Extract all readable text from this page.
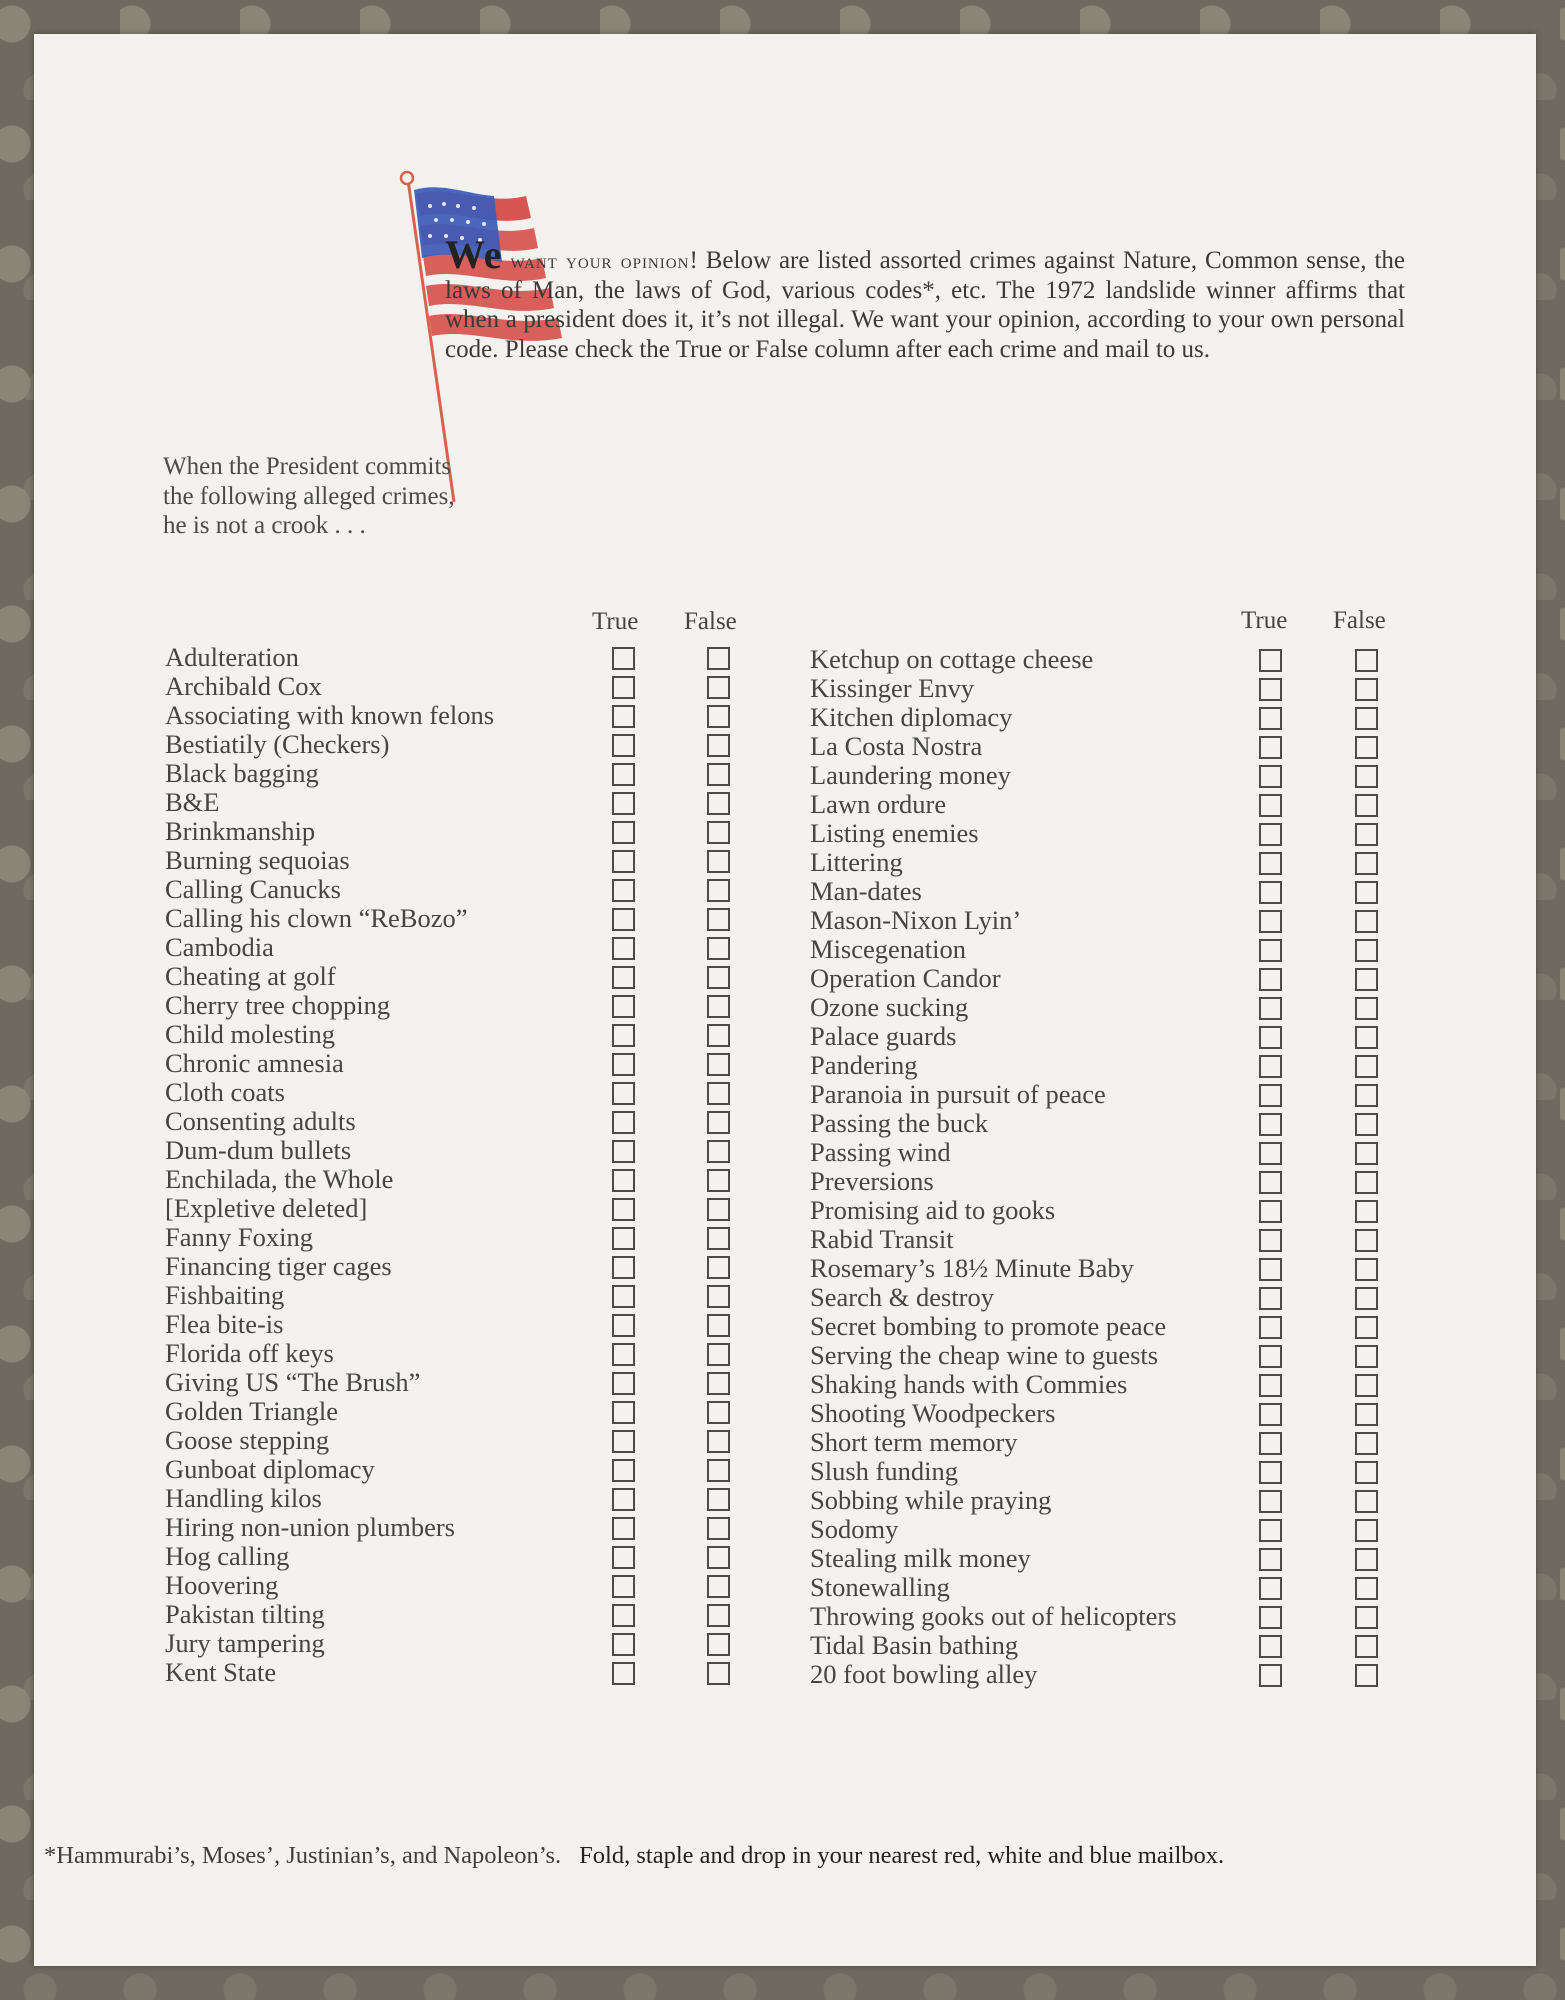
We want your opinion! Below are listed assorted crimes against Nature, Common sense, the laws of Man, the laws of God, various codes*, etc. The 1972 landslide winner affirms that when a president does it, it’s not illegal. We want your opinion, according to your own personal code. Please check the True or False column after each crime and mail to us.
When the President commits the following alleged crimes, he is not a crook . . .
True False	True False
Adulteration
Archibald Cox
Associating with known felons
Bestiatily (Checkers)
Black bagging
B&E
Brinkmanship
Burning sequoias
Calling Canucks
Calling his clown “ReBozo”
Cambodia
Cheating at golf
Cherry tree chopping
Child molesting
Chronic amnesia
Cloth coats
Consenting adults
Dum-dum bullets
Enchilada, the Whole
[Expletive deleted]
Fanny Foxing
Financing tiger cages
Fishbaiting
Flea bite-is
Florida off keys
Giving US “The Brush”
Golden Triangle
Goose stepping
Gunboat diplomacy
Handling kilos
Hiring non-union plumbers
Hog calling
Hoovering
Pakistan tilting
Jury tampering
Kent State
Ketchup on cottage cheese
Kissinger Envy
Kitchen diplomacy
La Costa Nostra
Laundering money
Lawn ordure
Listing enemies
Littering
Man-dates
Mason-Nixon Lyin’
Miscegenation
Operation Candor
Ozone sucking
Palace guards
Pandering
Paranoia in pursuit of peace
Passing the buck
Passing wind
Preversions
Promising aid to gooks
Rabid Transit
Rosemary’s 18½ Minute Baby
Search & destroy
Secret bombing to promote peace
Serving the cheap wine to guests
Shaking hands with Commies
Shooting Woodpeckers
Short term memory
Slush funding
Sobbing while praying
Sodomy
Stealing milk money
Stonewalling
Throwing gooks out of helicopters
Tidal Basin bathing
20 foot bowling alley
*Hammurabi’s, Moses’, Justinian’s, and Napoleon’s. Fold, staple and drop in your nearest red, white and blue mailbox.
